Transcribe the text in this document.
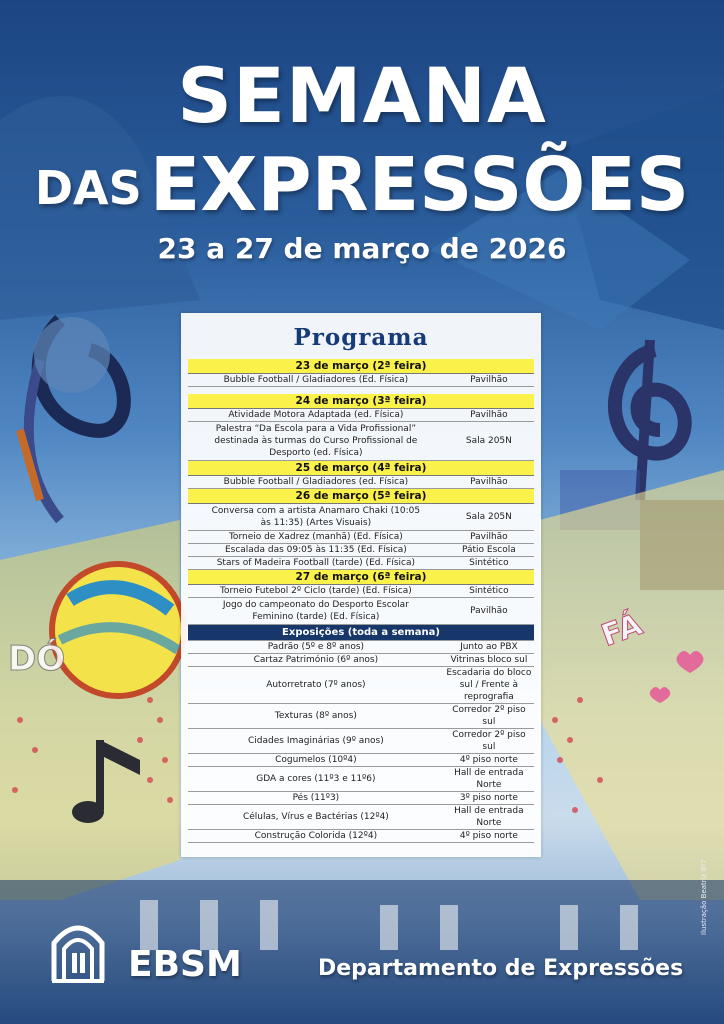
DÓ
FÁ
SEMANA
DAS EXPRESSÕES
23 a 27 de março de 2026
Programa
23 de março (2ª feira)	
Bubble Football / Gladiadores (Ed. Física)	Pavilhão

24 de março (3ª feira)	
Atividade Motora Adaptada (ed. Física)	Pavilhão
Palestra “Da Escola para a Vida Profissional” destinada às turmas do Curso Profissional de Desporto (ed. Física)	Sala 205N
25 de março (4ª feira)	
Bubble Football / Gladiadores (ed. Física)	Pavilhão
26 de março (5ª feira)	
Conversa com a artista Anamaro Chaki (10:05 às 11:35) (Artes Visuais)	Sala 205N
Torneio de Xadrez (manhã) (Ed. Física)	Pavilhão
Escalada das 09:05 às 11:35 (Ed. Física)	Pátio Escola
Stars of Madeira Football (tarde) (Ed. Física)	Sintético
27 de março (6ª feira)	
Torneio Futebol 2º Ciclo (tarde) (Ed. Física)	Sintético
Jogo do campeonato do Desporto Escolar Feminino (tarde) (Ed. Física)	Pavilhão
Exposições (toda a semana)	
Padrão (5º e 8º anos)	Junto ao PBX
Cartaz Património (6º anos)	Vitrinas bloco sul
Autorretrato (7º anos)	Escadaria do bloco sul / Frente à reprografia
Texturas (8º anos)	Corredor 2º piso sul
Cidades Imaginárias (9º anos)	Corredor 2º piso sul
Cogumelos (10º4)	4º piso norte
GDA a cores (11º3 e 11º6)	Hall de entrada Norte
Pés (11º3)	3º piso norte
Células, Vírus e Bactérias (12º4)	Hall de entrada Norte
Construção Colorida (12º4)	4º piso norte
EBSM	Departamento de Expressões
Ilustração Beatriz 8º7
